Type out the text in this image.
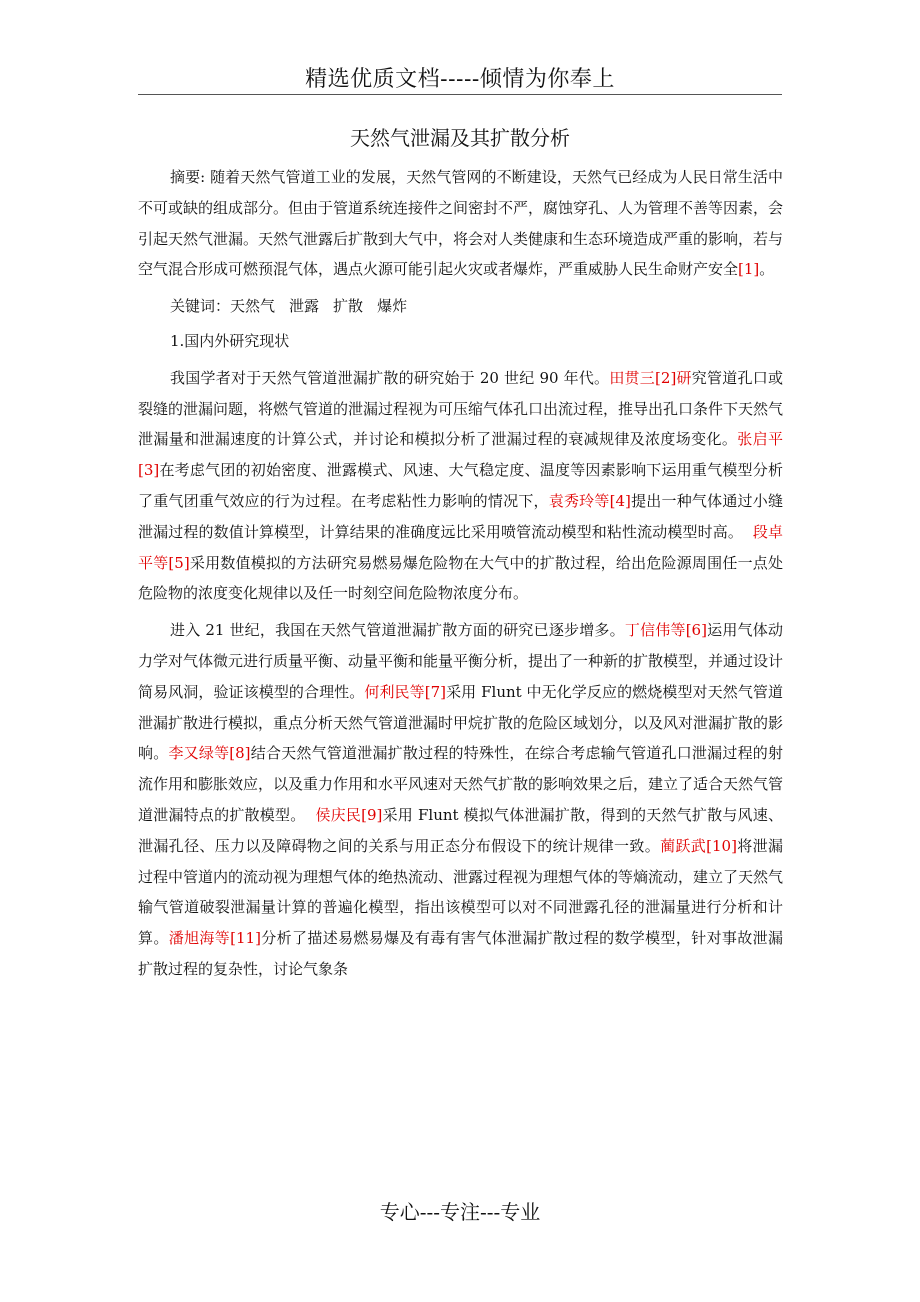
精选优质文档-----倾情为你奉上
天然气泄漏及其扩散分析

摘要: 随着天然气管道工业的发展，天然气管网的不断建设，天然气已经成为人民日常生活中不可或缺的组成部分。但由于管道系统连接件之间密封不严，腐蚀穿孔、人为管理不善等因素，会引起天然气泄漏。天然气泄露后扩散到大气中，将会对人类健康和生态环境造成严重的影响，若与空气混合形成可燃预混气体，遇点火源可能引起火灾或者爆炸，严重威胁人民生命财产安全[1]。

关键词：天然气 泄露 扩散 爆炸

1.国内外研究现状

我国学者对于天然气管道泄漏扩散的研究始于 20 世纪 90 年代。田贯三[2]研究管道孔口或裂缝的泄漏问题，将燃气管道的泄漏过程视为可压缩气体孔口出流过程，推导出孔口条件下天然气泄漏量和泄漏速度的计算公式，并讨论和模拟分析了泄漏过程的衰减规律及浓度场变化。张启平[3]在考虑气团的初始密度、泄露模式、风速、大气稳定度、温度等因素影响下运用重气模型分析了重气团重气效应的行为过程。在考虑粘性力影响的情况下，袁秀玲等[4]提出一种气体通过小缝泄漏过程的数值计算模型，计算结果的准确度远比采用喷管流动模型和粘性流动模型时高。 段卓平等[5]采用数值模拟的方法研究易燃易爆危险物在大气中的扩散过程，给出危险源周围任一点处危险物的浓度变化规律以及任一时刻空间危险物浓度分布。

进入 21 世纪，我国在天然气管道泄漏扩散方面的研究已逐步增多。丁信伟等[6]运用气体动力学对气体微元进行质量平衡、动量平衡和能量平衡分析，提出了一种新的扩散模型，并通过设计简易风洞，验证该模型的合理性。何利民等[7]采用 Flunt 中无化学反应的燃烧模型对天然气管道泄漏扩散进行模拟，重点分析天然气管道泄漏时甲烷扩散的危险区域划分，以及风对泄漏扩散的影响。李又绿等[8]结合天然气管道泄漏扩散过程的特殊性，在综合考虑输气管道孔口泄漏过程的射流作用和膨胀效应，以及重力作用和水平风速对天然气扩散的影响效果之后，建立了适合天然气管道泄漏特点的扩散模型。 侯庆民[9]采用 Flunt 模拟气体泄漏扩散，得到的天然气扩散与风速、泄漏孔径、压力以及障碍物之间的关系与用正态分布假设下的统计规律一致。蔺跃武[10]将泄漏过程中管道内的流动视为理想气体的绝热流动、泄露过程视为理想气体的等熵流动，建立了天然气输气管道破裂泄漏量计算的普遍化模型，指出该模型可以对不同泄露孔径的泄漏量进行分析和计算。潘旭海等[11]分析了描述易燃易爆及有毒有害气体泄漏扩散过程的数学模型，针对事故泄漏扩散过程的复杂性，讨论气象条

专心---专注---专业
